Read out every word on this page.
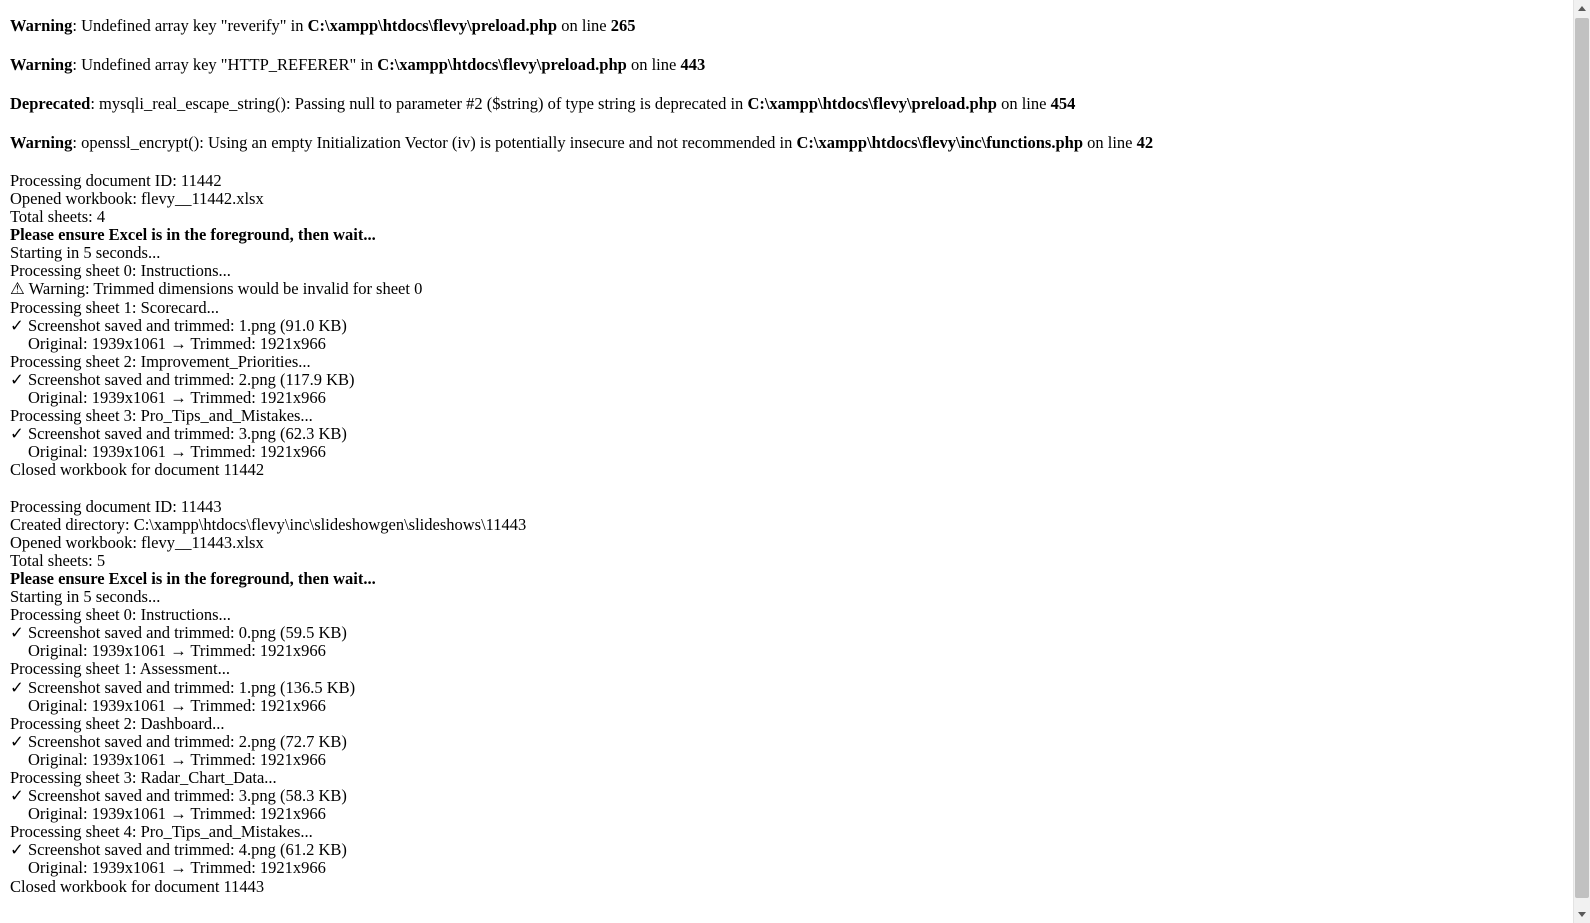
Warning: Undefined array key "reverify" in C:\xampp\htdocs\flevy\preload.php on line 265

Warning: Undefined array key "HTTP_REFERER" in C:\xampp\htdocs\flevy\preload.php on line 443

Deprecated: mysqli_real_escape_string(): Passing null to parameter #2 ($string) of type string is deprecated in C:\xampp\htdocs\flevy\preload.php on line 454

Warning: openssl_encrypt(): Using an empty Initialization Vector (iv) is potentially insecure and not recommended in C:\xampp\htdocs\flevy\inc\functions.php on line 42

Processing document ID: 11442
Opened workbook: flevy__11442.xlsx
Total sheets: 4
Please ensure Excel is in the foreground, then wait...
Starting in 5 seconds...
Processing sheet 0: Instructions...
⚠ Warning: Trimmed dimensions would be invalid for sheet 0
Processing sheet 1: Scorecard...
✓ Screenshot saved and trimmed: 1.png (91.0 KB)
Original: 1939x1061 → Trimmed: 1921x966
Processing sheet 2: Improvement_Priorities...
✓ Screenshot saved and trimmed: 2.png (117.9 KB)
Original: 1939x1061 → Trimmed: 1921x966
Processing sheet 3: Pro_Tips_and_Mistakes...
✓ Screenshot saved and trimmed: 3.png (62.3 KB)
Original: 1939x1061 → Trimmed: 1921x966
Closed workbook for document 11442
Processing document ID: 11443
Created directory: C:\xampp\htdocs\flevy\inc\slideshowgen\slideshows\11443
Opened workbook: flevy__11443.xlsx
Total sheets: 5
Please ensure Excel is in the foreground, then wait...
Starting in 5 seconds...
Processing sheet 0: Instructions...
✓ Screenshot saved and trimmed: 0.png (59.5 KB)
Original: 1939x1061 → Trimmed: 1921x966
Processing sheet 1: Assessment...
✓ Screenshot saved and trimmed: 1.png (136.5 KB)
Original: 1939x1061 → Trimmed: 1921x966
Processing sheet 2: Dashboard...
✓ Screenshot saved and trimmed: 2.png (72.7 KB)
Original: 1939x1061 → Trimmed: 1921x966
Processing sheet 3: Radar_Chart_Data...
✓ Screenshot saved and trimmed: 3.png (58.3 KB)
Original: 1939x1061 → Trimmed: 1921x966
Processing sheet 4: Pro_Tips_and_Mistakes...
✓ Screenshot saved and trimmed: 4.png (61.2 KB)
Original: 1939x1061 → Trimmed: 1921x966
Closed workbook for document 11443
